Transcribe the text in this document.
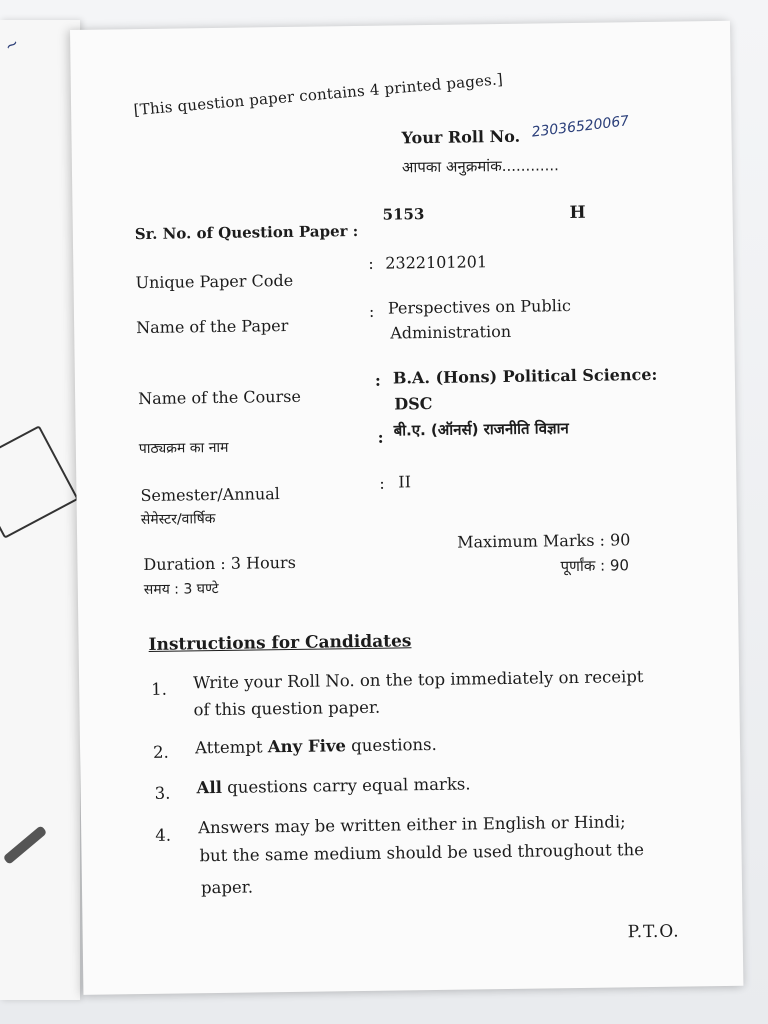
~
[This question paper contains 4 printed pages.]
Your Roll No. 23036520067
आपका अनुक्रमांक............
Sr. No. of Question Paper :
5153	H
Unique Paper Code
: 2322101201
Name of the Paper
: Perspectives on Public
Administration
Name of the Course
: B.A. (Hons) Political Science:
DSC
पाठ्यक्रम का नाम
: बी.ए. (ऑनर्स) राजनीति विज्ञान
Semester/Annual
सेमेस्टर/वार्षिक
: II
Duration : 3 Hours
समय : 3 घण्टे
Maximum Marks : 90
पूर्णांक : 90
Instructions for Candidates
1. Write your Roll No. on the top immediately on receipt
of this question paper.
2. Attempt Any Five questions.
3. All questions carry equal marks.
4. Answers may be written either in English or Hindi;
but the same medium should be used throughout the
paper.
P.T.O.
